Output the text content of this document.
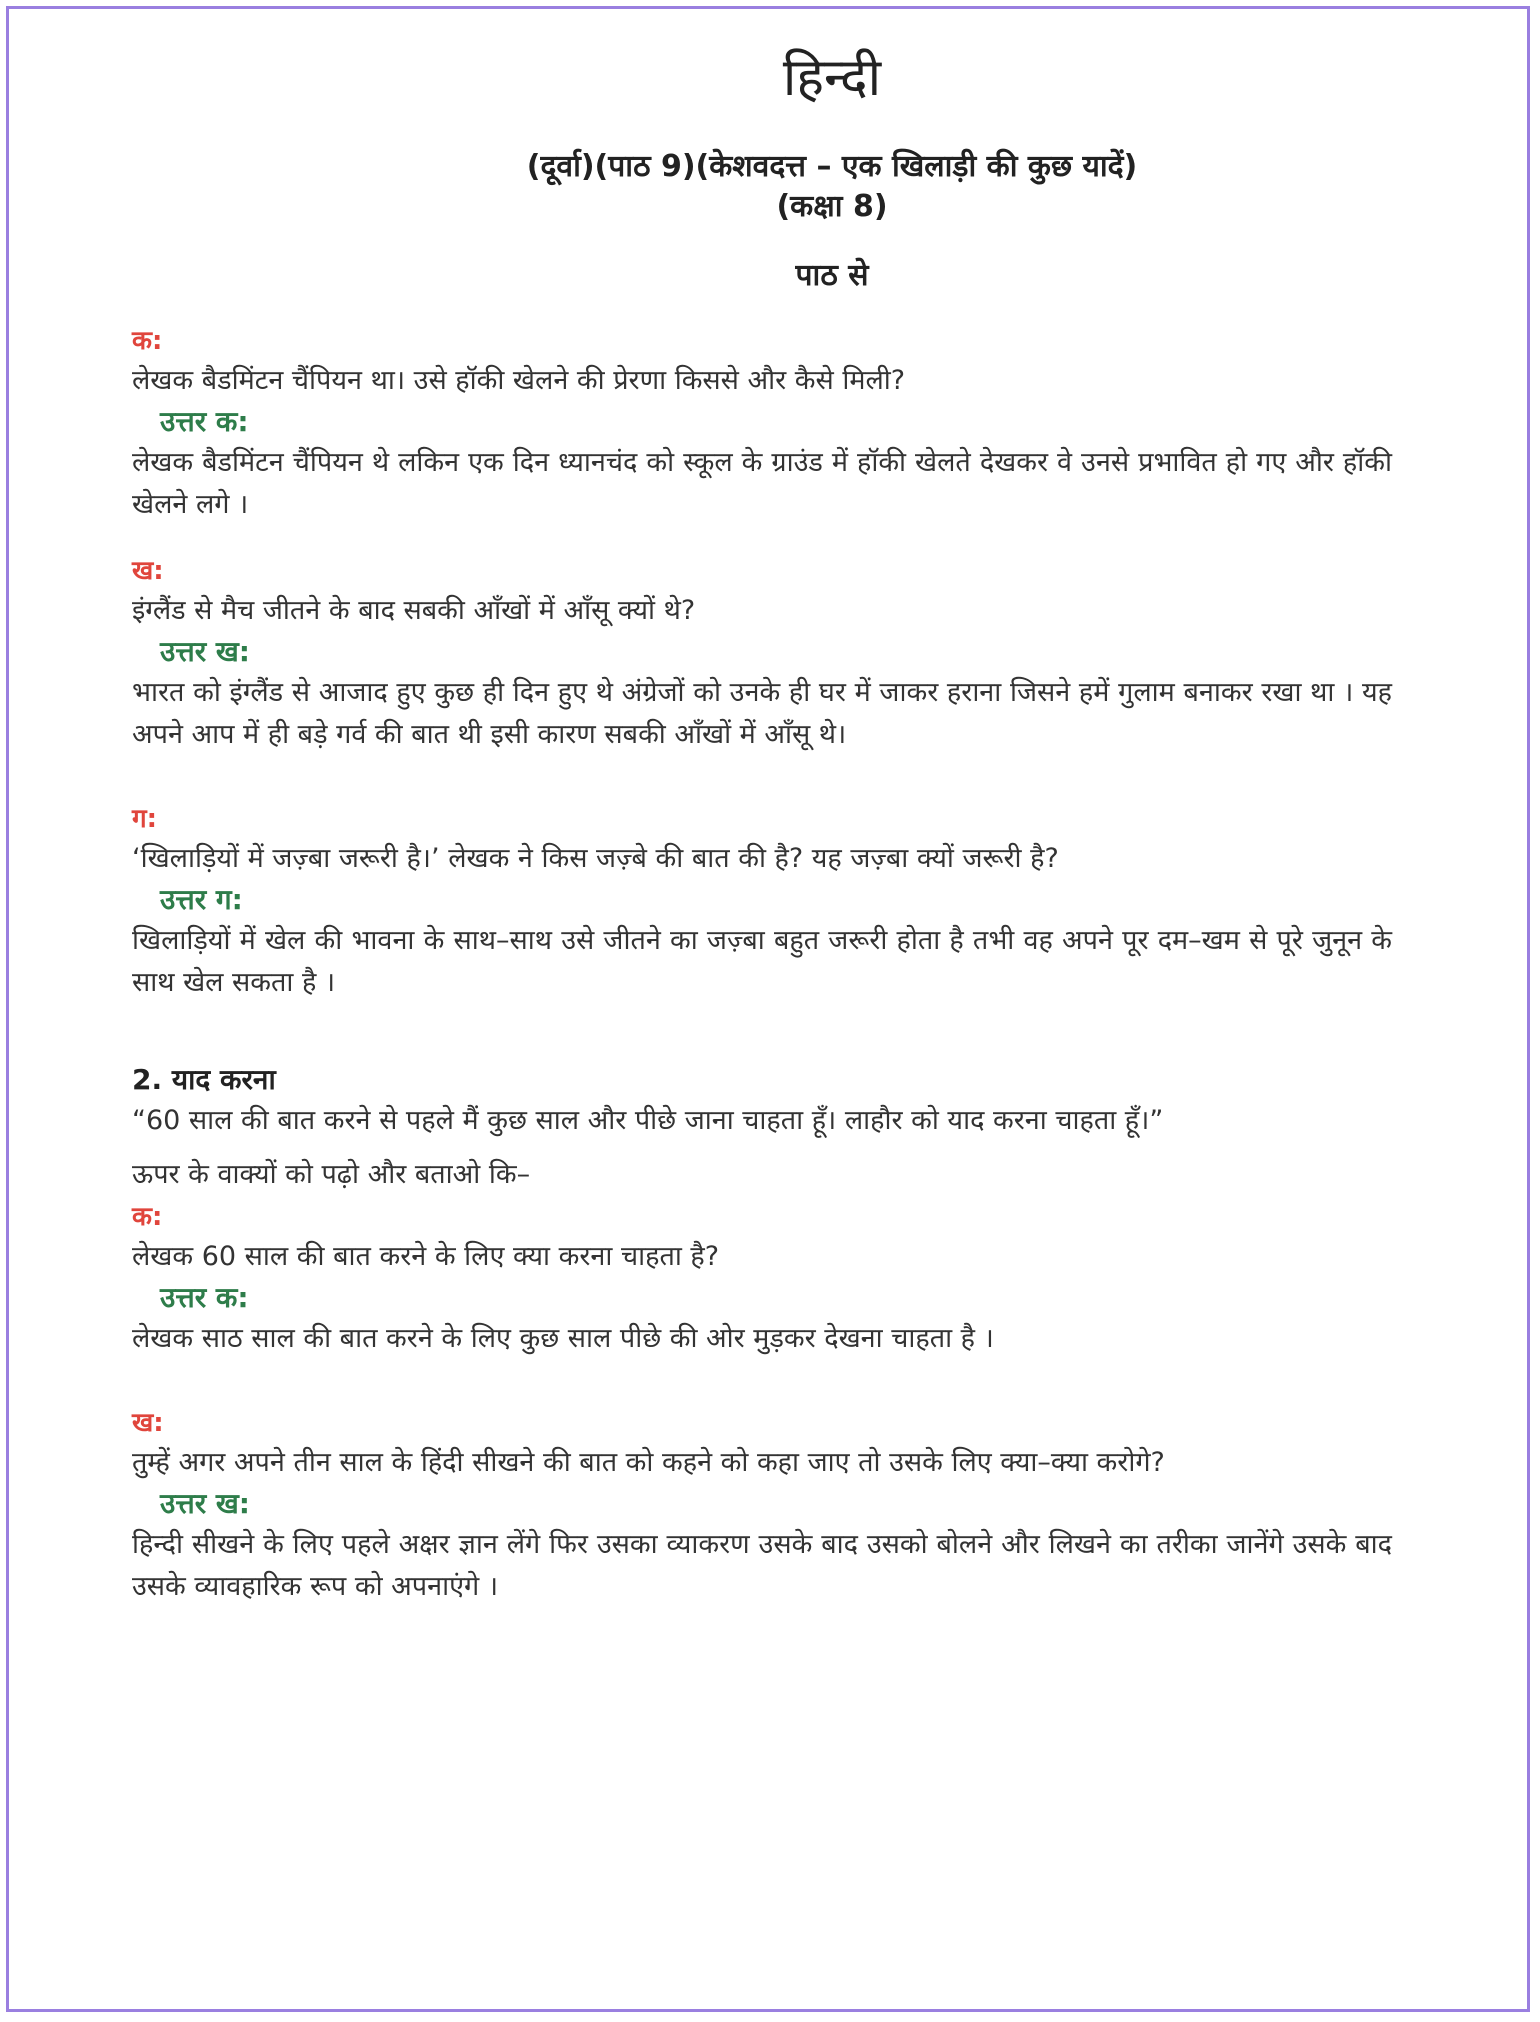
हिन्दी

(दूर्वा)(पाठ 9)(केशवदत्त – एक खिलाड़ी की कुछ यादें)

(कक्षा 8)

पाठ से

क:
लेखक बैडमिंटन चैंपियन था। उसे हॉकी खेलने की प्रेरणा किससे और कैसे मिली?
उत्तर क:
लेखक बैडमिंटन चैंपियन थे लकिन एक दिन ध्यानचंद को स्कूल के ग्राउंड में हॉकी खेलते देखकर वे उनसे प्रभावित हो गए और हॉकी खेलने लगे ।
ख:
इंग्लैंड से मैच जीतने के बाद सबकी आँखों में आँसू क्यों थे?
उत्तर ख:
भारत को इंग्लैंड से आजाद हुए कुछ ही दिन हुए थे अंग्रेजों को उनके ही घर में जाकर हराना जिसने हमें गुलाम बनाकर रखा था । यह अपने आप में ही बड़े गर्व की बात थी इसी कारण सबकी आँखों में आँसू थे।
ग:
‘खिलाड़ियों में जज़्बा जरूरी है।’ लेखक ने किस जज़्बे की बात की है? यह जज़्बा क्यों जरूरी है?
उत्तर ग:
खिलाड़ियों में खेल की भावना के साथ–साथ उसे जीतने का जज़्बा बहुत जरूरी होता है तभी वह अपने पूर दम–खम से पूरे जुनून के साथ खेल सकता है ।
2. याद करना
“60 साल की बात करने से पहले मैं कुछ साल और पीछे जाना चाहता हूँ। लाहौर को याद करना चाहता हूँ।”
ऊपर के वाक्यों को पढ़ो और बताओ कि–
क:
लेखक 60 साल की बात करने के लिए क्या करना चाहता है?
उत्तर क:
लेखक साठ साल की बात करने के लिए कुछ साल पीछे की ओर मुड़कर देखना चाहता है ।
ख:
तुम्हें अगर अपने तीन साल के हिंदी सीखने की बात को कहने को कहा जाए तो उसके लिए क्या–क्या करोगे?
उत्तर ख:
हिन्दी सीखने के लिए पहले अक्षर ज्ञान लेंगे फिर उसका व्याकरण उसके बाद उसको बोलने और लिखने का तरीका जानेंगे उसके बाद उसके व्यावहारिक रूप को अपनाएंगे ।
